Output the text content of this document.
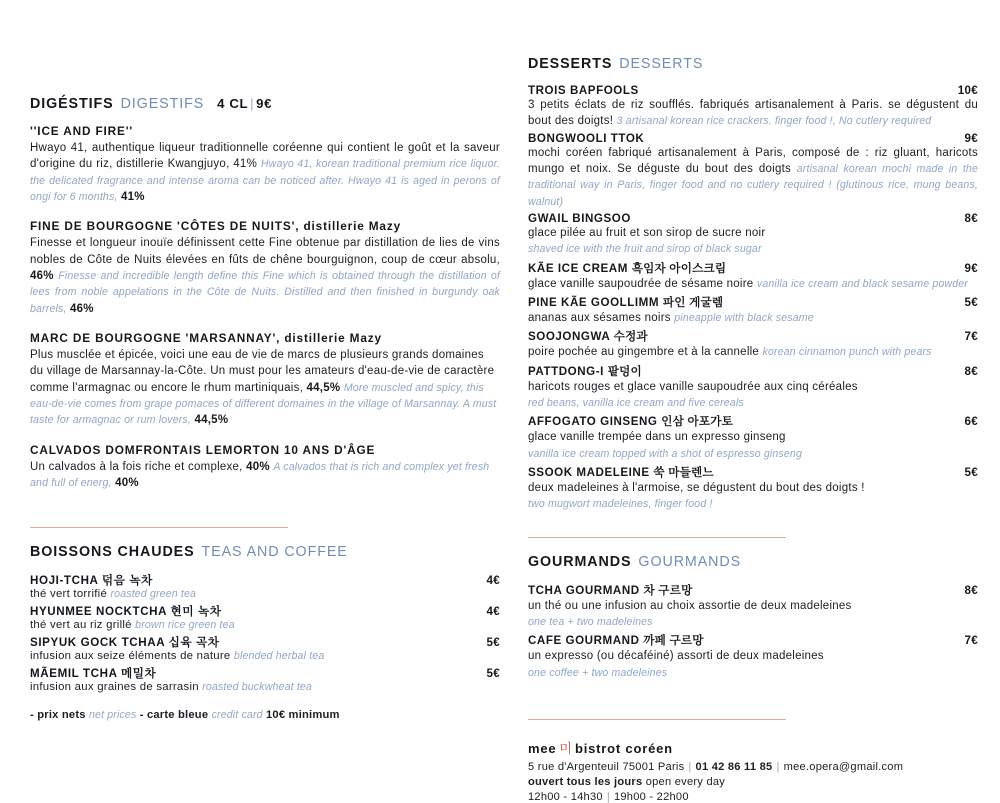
DIGÉSTIFS DIGESTIFS 4 CL | 9€
''ICE AND FIRE''
Hwayo 41, authentique liqueur traditionnelle coréenne qui contient le goût et la saveur d'origine du riz, distillerie Kwangjuyo, 41% Hwayo 41, korean traditional premium rice liquor. the delicated fragrance and intense aroma can be noticed after. Hwayo 41 is aged in perons of ongi for 6 months, 41%
FINE DE BOURGOGNE 'CÔTES DE NUITS', distillerie Mazy
Finesse et longueur inouïe définissent cette Fine obtenue par distillation de lies de vins nobles de Côte de Nuits élevées en fûts de chêne bourguignon, coup de cœur absolu, 46% Finesse and incredible length define this Fine which is obtained through the distillation of lees from noble appelations in the Côte de Nuits. Distilled and then finished in burgundy oak barrels, 46%
MARC DE BOURGOGNE 'MARSANNAY', distillerie Mazy
Plus musclée et épicée, voici une eau de vie de marcs de plusieurs grands domaines du village de Marsannay-la-Côte. Un must pour les amateurs d'eau-de-vie de caractère comme l'armagnac ou encore le rhum martiniquais, 44,5% More muscled and spicy, this eau-de-vie comes from grape pomaces of different domaines in the village of Marsannay. A must taste for armagnac or rum lovers, 44,5%
CALVADOS DOMFRONTAIS LEMORTON 10 ANS D'ÂGE
Un calvados à la fois riche et complexe, 40% A calvados that is rich and complex yet fresh and full of energ, 40%
BOISSONS CHAUDES TEAS AND COFFEE
HOJI-TCHA 덖음 녹차	4€
thé vert torrifié roasted green tea
HYUNMEE NOCKTCHA 현미 녹차	4€
thé vert au riz grillé brown rice green tea
SIPYUK GOCK TCHAA 십육 곡차	5€
infusion aux seize éléments de nature blended herbal tea
MÃEMIL TCHA 메밀차	5€
infusion aux graines de sarrasin roasted buckwheat tea
- prix nets net prices - carte bleue credit card 10€ minimum
DESSERTS DESSERTS
TROIS BAPFOOLS	10€
3 petits éclats de riz soufflés. fabriqués artisanalement à Paris. se dégustent du bout des doigts! 3 artisanal korean rice crackers. finger food !, No cutlery required
BONGWOOLI TTOK	9€
mochi coréen fabriqué artisanalement à Paris, composé de : riz gluant, haricots mungo et noix. Se déguste du bout des doigts artisanal korean mochi made in the traditional way in Paris, finger food and no cutlery required ! (glutinous rice, mung beans, walnut)
GWAIL BINGSOO	8€
glace pilée au fruit et son sirop de sucre noir
shaved ice with the fruit and sirop of black sugar
KÃE ICE CREAM 흑임자 아이스크림	9€
glace vanille saupoudrée de sésame noire vanilla ice cream and black sesame powder
PINE KÃE GOOLLIMM 파인 게굴렘	5€
ananas aux sésames noirs pineapple with black sesame
SOOJONGWA 수정과	7€
poire pochée au gingembre et à la cannelle korean cinnamon punch with pears
PATTDONG-I 팥덩이	8€
haricots rouges et glace vanille saupoudrée aux cinq céréales
red beans, vanilla ice cream and five cereals
AFFOGATO GINSENG 인삼 아포가토	6€
glace vanille trempée dans un expresso ginseng
vanilla ice cream topped with a shot of espresso ginseng
SSOOK MADELEINE 쑥 마들렌느	5€
deux madeleines à l'armoise, se dégustent du bout des doigts !
two mugwort madeleines, finger food !
GOURMANDS GOURMANDS
TCHA GOURMAND 차 구르망	8€
un thé ou une infusion au choix assortie de deux madeleines
one tea + two madeleines
CAFE GOURMAND 까페 구르망	7€
un expresso (ou décaféiné) assorti de deux madeleines
one coffee + two madeleines
mee 미 bistrot coréen
5 rue d'Argenteuil 75001 Paris | 01 42 86 11 85 | mee.opera@gmail.com
ouvert tous les jours open every day
12h00 - 14h30 | 19h00 - 22h00
